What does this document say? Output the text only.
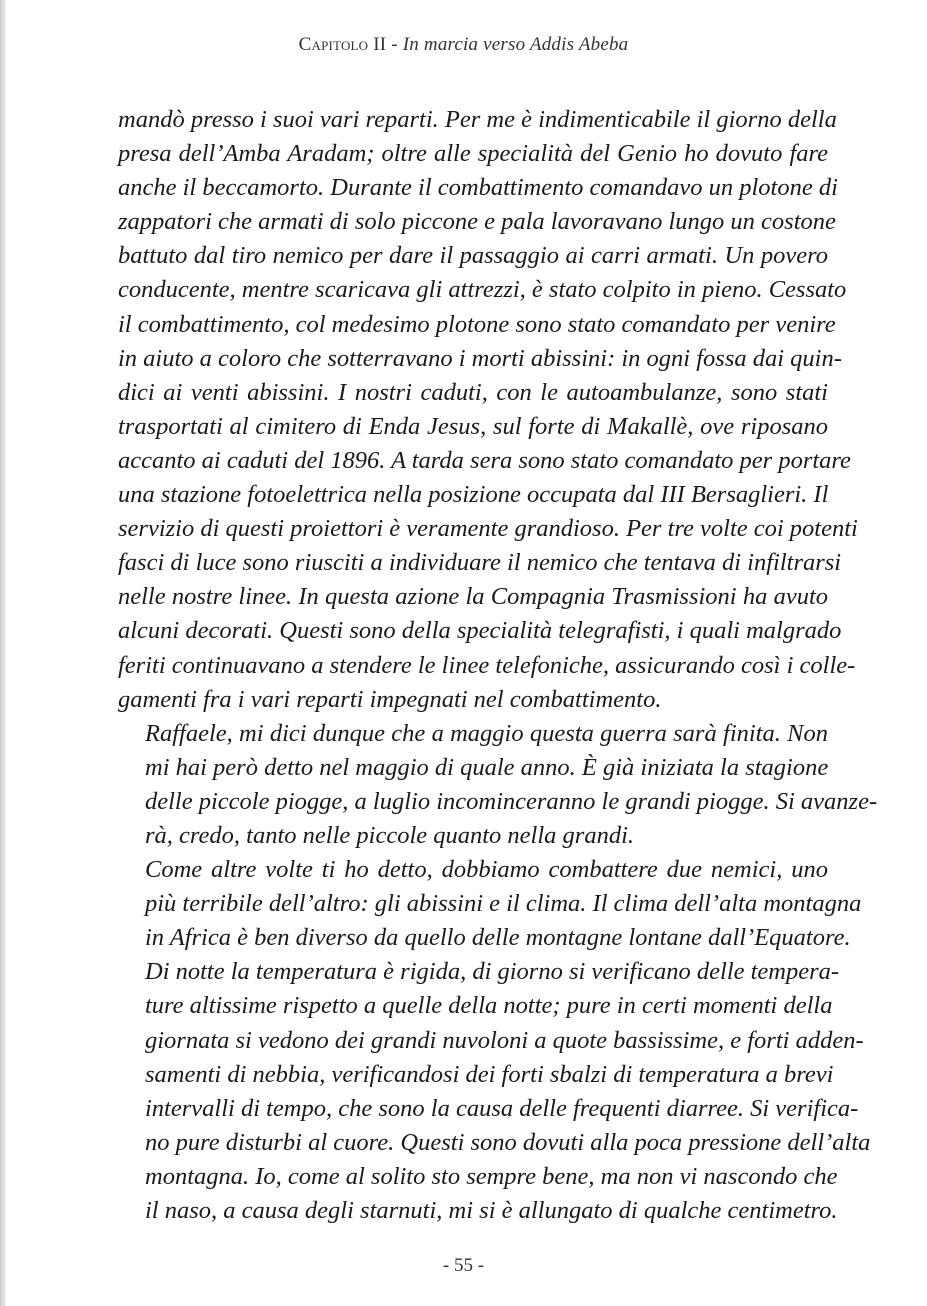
Capitolo II - In marcia verso Addis Abeba

mandò presso i suoi vari reparti. Per me è indimenticabile il giorno della
presa dell’Amba Aradam; oltre alle specialità del Genio ho dovuto fare
anche il beccamorto. Durante il combattimento comandavo un plotone di
zappatori che armati di solo piccone e pala lavoravano lungo un costone
battuto dal tiro nemico per dare il passaggio ai carri armati. Un povero
conducente, mentre scaricava gli attrezzi, è stato colpito in pieno. Cessato
il combattimento, col medesimo plotone sono stato comandato per venire
in aiuto a coloro che sotterravano i morti abissini: in ogni fossa dai quin-
dici ai venti abissini. I nostri caduti, con le autoambulanze, sono stati
trasportati al cimitero di Enda Jesus, sul forte di Makallè, ove riposano
accanto ai caduti del 1896. A tarda sera sono stato comandato per portare
una stazione fotoelettrica nella posizione occupata dal III Bersaglieri. Il
servizio di questi proiettori è veramente grandioso. Per tre volte coi potenti
fasci di luce sono riusciti a individuare il nemico che tentava di infiltrarsi
nelle nostre linee. In questa azione la Compagnia Trasmissioni ha avuto
alcuni decorati. Questi sono della specialità telegrafisti, i quali malgrado
feriti continuavano a stendere le linee telefoniche, assicurando così i colle-
gamenti fra i vari reparti impegnati nel combattimento.

Raffaele, mi dici dunque che a maggio questa guerra sarà finita. Non
mi hai però detto nel maggio di quale anno. È già iniziata la stagione
delle piccole piogge, a luglio incominceranno le grandi piogge. Si avanze-
rà, credo, tanto nelle piccole quanto nella grandi.

Come altre volte ti ho detto, dobbiamo combattere due nemici, uno
più terribile dell’altro: gli abissini e il clima. Il clima dell’alta montagna
in Africa è ben diverso da quello delle montagne lontane dall’Equatore.
Di notte la temperatura è rigida, di giorno si verificano delle tempera-
ture altissime rispetto a quelle della notte; pure in certi momenti della
giornata si vedono dei grandi nuvoloni a quote bassissime, e forti adden-
samenti di nebbia, verificandosi dei forti sbalzi di temperatura a brevi
intervalli di tempo, che sono la causa delle frequenti diarree. Si verifica-
no pure disturbi al cuore. Questi sono dovuti alla poca pressione dell’alta
montagna. Io, come al solito sto sempre bene, ma non vi nascondo che
il naso, a causa degli starnuti, mi si è allungato di qualche centimetro.

- 55 -
